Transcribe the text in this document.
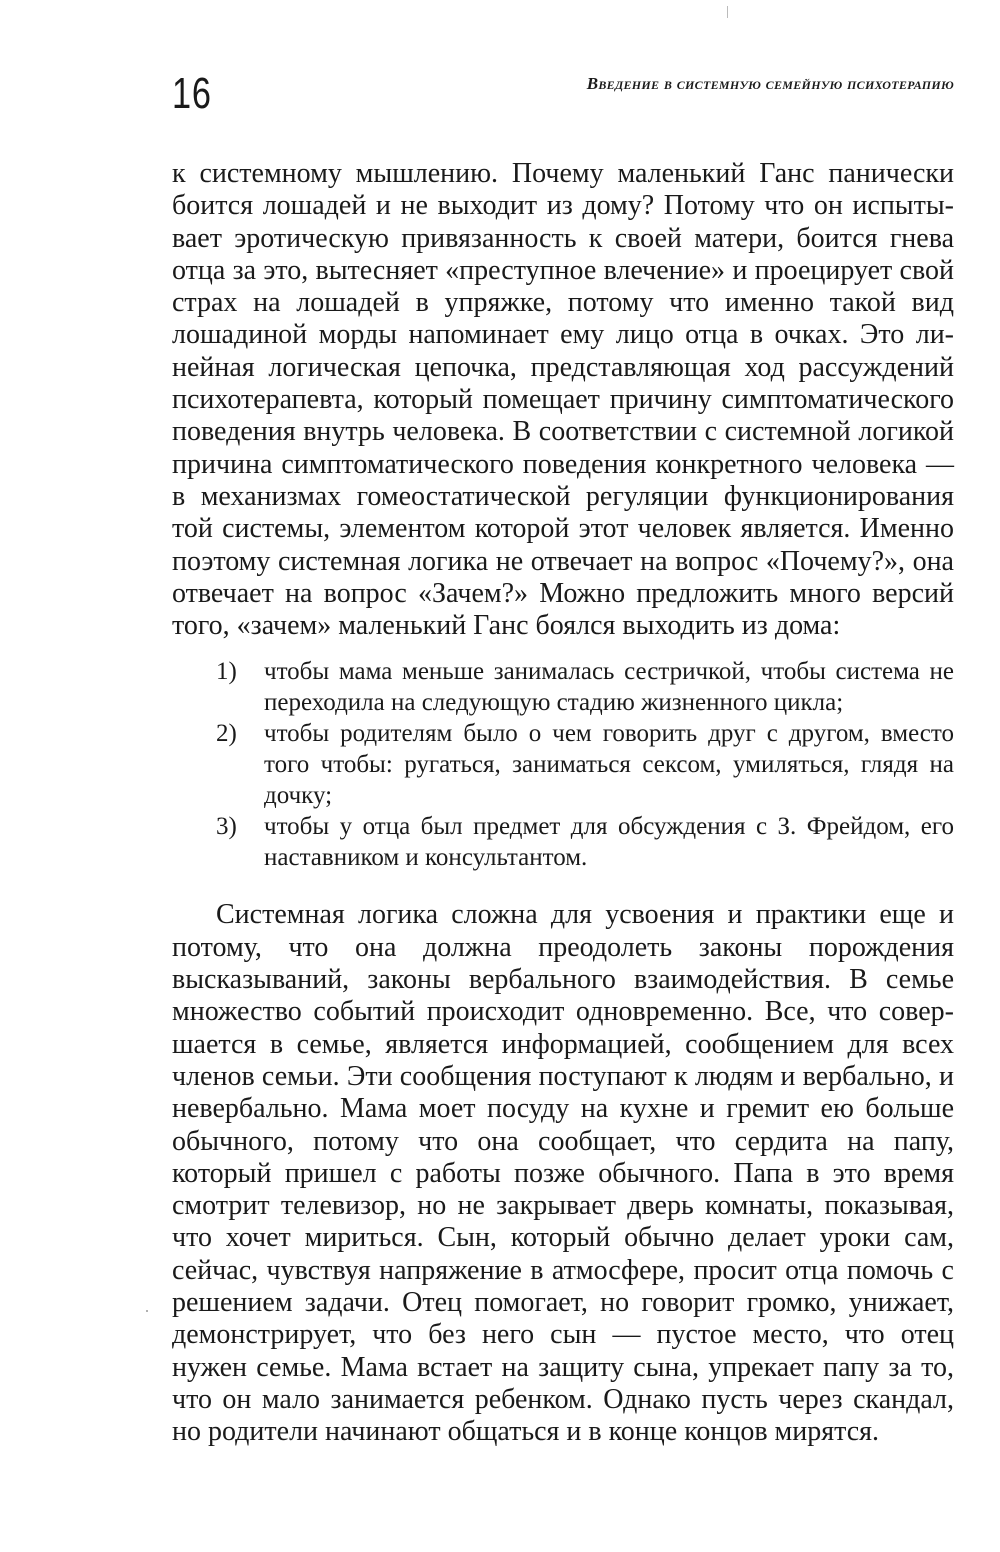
16	Введение в системную семейную психотерапию

к системному мышлению. Почему маленький Ганс панически боится лошадей и не выходит из дому? Потому что он испытывает эротическую привязанность к своей матери, боится гнева отца за это, вытесняет «преступное влечение» и проецирует свой страх на лошадей в упряжке, потому что именно такой вид лошадиной морды напоминает ему лицо отца в очках. Это линейная логическая цепочка, представляющая ход рассуждений психотерапевта, который помещает причину симптоматического поведения внутрь человека. В соответствии с системной логикой причина симптоматического поведения конкретного человека — в механизмах гомеостатической регуляции функционирования той системы, элементом которой этот человек является. Именно поэтому системная логика не отвечает на вопрос «Почему?», она отвечает на вопрос «Зачем?» Можно предложить много версий того, «зачем» маленький Ганс боялся выходить из дома:

1) чтобы мама меньше занималась сестричкой, чтобы система не переходила на следующую стадию жизненного цикла;
2) чтобы родителям было о чем говорить друг с другом, вместо того чтобы: ругаться, заниматься сексом, умиляться, глядя на дочку;
3) чтобы у отца был предмет для обсуждения с З. Фрейдом, его наставником и консультантом.

Системная логика сложна для усвоения и практики еще и потому, что она должна преодолеть законы порождения высказываний, законы вербального взаимодействия. В семье множество событий происходит одновременно. Все, что совершается в семье, является информацией, сообщением для всех членов семьи. Эти сообщения поступают к людям и вербально, и невербально. Мама моет посуду на кухне и гремит ею больше обычного, потому что она сообщает, что сердита на папу, который пришел с работы позже обычного. Папа в это время смотрит телевизор, но не закрывает дверь комнаты, показывая, что хочет мириться. Сын, который обычно делает уроки сам, сейчас, чувствуя напряжение в атмосфере, просит отца помочь с решением задачи. Отец помогает, но говорит громко, унижает, демонстрирует, что без него сын — пустое место, что отец нужен семье. Мама встает на защиту сына, упрекает папу за то, что он мало занимается ребенком. Однако пусть через скандал, но родители начинают общаться и в конце концов мирятся.
